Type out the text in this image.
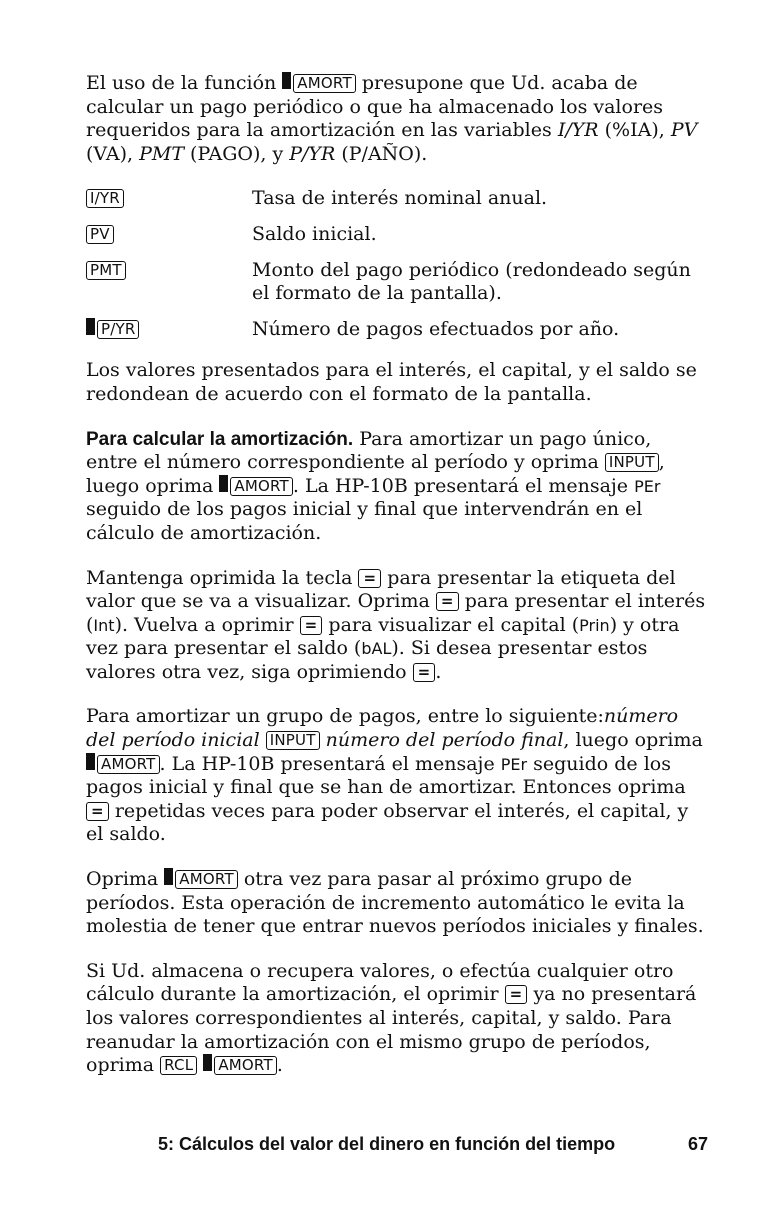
El uso de la función AMORT presupone que Ud. acaba de calcular un pago periódico o que ha almacenado los valores requeridos para la amortización en las variables I/YR (%IA), PV (VA), PMT (PAGO), y P/YR (P/AÑO).

I/YR	Tasa de interés nominal anual.
PV	Saldo inicial.
PMT	Monto del pago periódico (redondeado según el formato de la pantalla).
P/YR	Número de pagos efectuados por año.

Los valores presentados para el interés, el capital, y el saldo se redondean de acuerdo con el formato de la pantalla.

Para calcular la amortización. Para amortizar un pago único, entre el número correspondiente al período y oprima INPUT , luego oprima AMORT . La HP-10B presentará el mensaje PEr seguido de los pagos inicial y final que intervendrán en el cálculo de amortización.

Mantenga oprimida la tecla = para presentar la etiqueta del valor que se va a visualizar. Oprima = para presentar el interés (Int). Vuelva a oprimir = para visualizar el capital (Prin) y otra vez para presentar el saldo (bAL). Si desea presentar estos valores otra vez, siga oprimiendo = .

Para amortizar un grupo de pagos, entre lo siguiente:número del período inicial INPUT número del período final, luego oprima AMORT . La HP-10B presentará el mensaje PEr seguido de los pagos inicial y final que se han de amortizar. Entonces oprima = repetidas veces para poder observar el interés, el capital, y el saldo.

Oprima AMORT otra vez para pasar al próximo grupo de períodos. Esta operación de incremento automático le evita la molestia de tener que entrar nuevos períodos iniciales y finales.

Si Ud. almacena o recupera valores, o efectúa cualquier otro cálculo durante la amortización, el oprimir = ya no presentará los valores correspondientes al interés, capital, y saldo. Para reanudar la amortización con el mismo grupo de períodos, oprima RCL AMORT .

5: Cálculos del valor del dinero en función del tiempo	67
